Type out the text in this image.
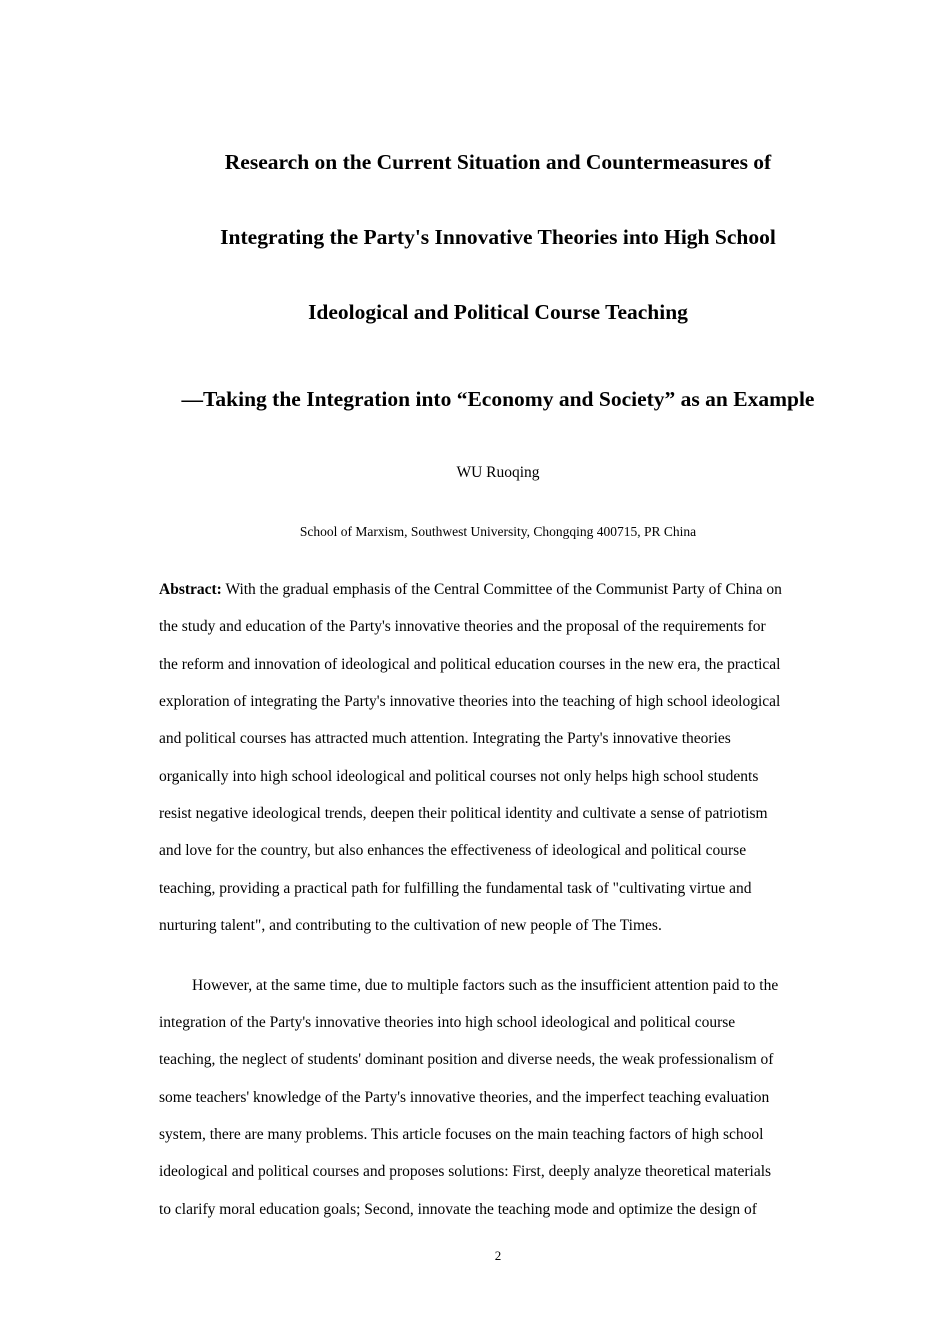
Research on the Current Situation and Countermeasures of
Integrating the Party's Innovative Theories into High School
Ideological and Political Course Teaching
—Taking the Integration into “Economy and Society” as an Example
WU Ruoqing
School of Marxism, Southwest University, Chongqing 400715, PR China
Abstract: With the gradual emphasis of the Central Committee of the Communist Party of China on
the study and education of the Party's innovative theories and the proposal of the requirements for
the reform and innovation of ideological and political education courses in the new era, the practical
exploration of integrating the Party's innovative theories into the teaching of high school ideological
and political courses has attracted much attention. Integrating the Party's innovative theories
organically into high school ideological and political courses not only helps high school students
resist negative ideological trends, deepen their political identity and cultivate a sense of patriotism
and love for the country, but also enhances the effectiveness of ideological and political course
teaching, providing a practical path for fulfilling the fundamental task of "cultivating virtue and
nurturing talent", and contributing to the cultivation of new people of The Times.
However, at the same time, due to multiple factors such as the insufficient attention paid to the
integration of the Party's innovative theories into high school ideological and political course
teaching, the neglect of students' dominant position and diverse needs, the weak professionalism of
some teachers' knowledge of the Party's innovative theories, and the imperfect teaching evaluation
system, there are many problems. This article focuses on the main teaching factors of high school
ideological and political courses and proposes solutions: First, deeply analyze theoretical materials
to clarify moral education goals; Second, innovate the teaching mode and optimize the design of
2
